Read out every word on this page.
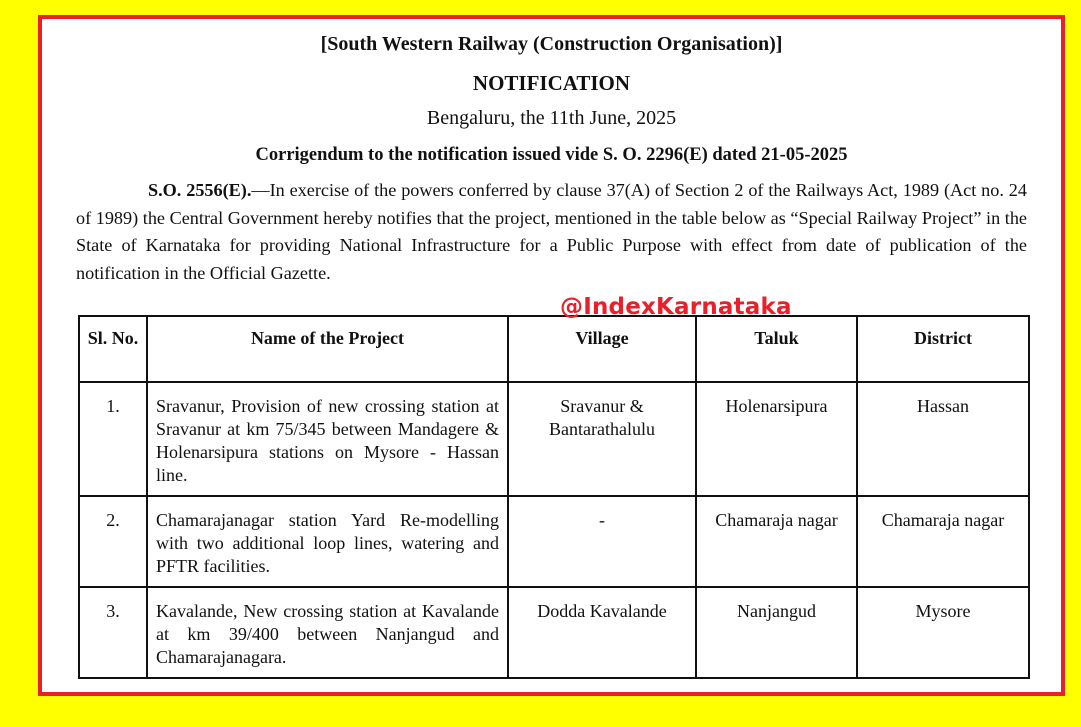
[South Western Railway (Construction Organisation)]
NOTIFICATION
Bengaluru, the 11th June, 2025
Corrigendum to the notification issued vide S. O. 2296(E) dated 21-05-2025
S.O. 2556(E).—In exercise of the powers conferred by clause 37(A) of Section 2 of the Railways Act, 1989 (Act no. 24 of 1989) the Central Government hereby notifies that the project, mentioned in the table below as “Special Railway Project” in the State of Karnataka for providing National Infrastructure for a Public Purpose with effect from date of publication of the notification in the Official Gazette.
@IndexKarnataka
Sl. No.	Name of the Project	Village	Taluk	District
1.	Sravanur, Provision of new crossing station at Sravanur at km 75/345 between Mandagere & Holenarsipura stations on Mysore - Hassan line.	Sravanur & Bantarathalulu	Holenarsipura	Hassan
2.	Chamarajanagar station Yard Re-modelling with two additional loop lines, watering and PFTR facilities.	-	Chamaraja nagar	Chamaraja nagar
3.	Kavalande, New crossing station at Kavalande at km 39/400 between Nanjangud and Chamarajanagara.	Dodda Kavalande	Nanjangud	Mysore
